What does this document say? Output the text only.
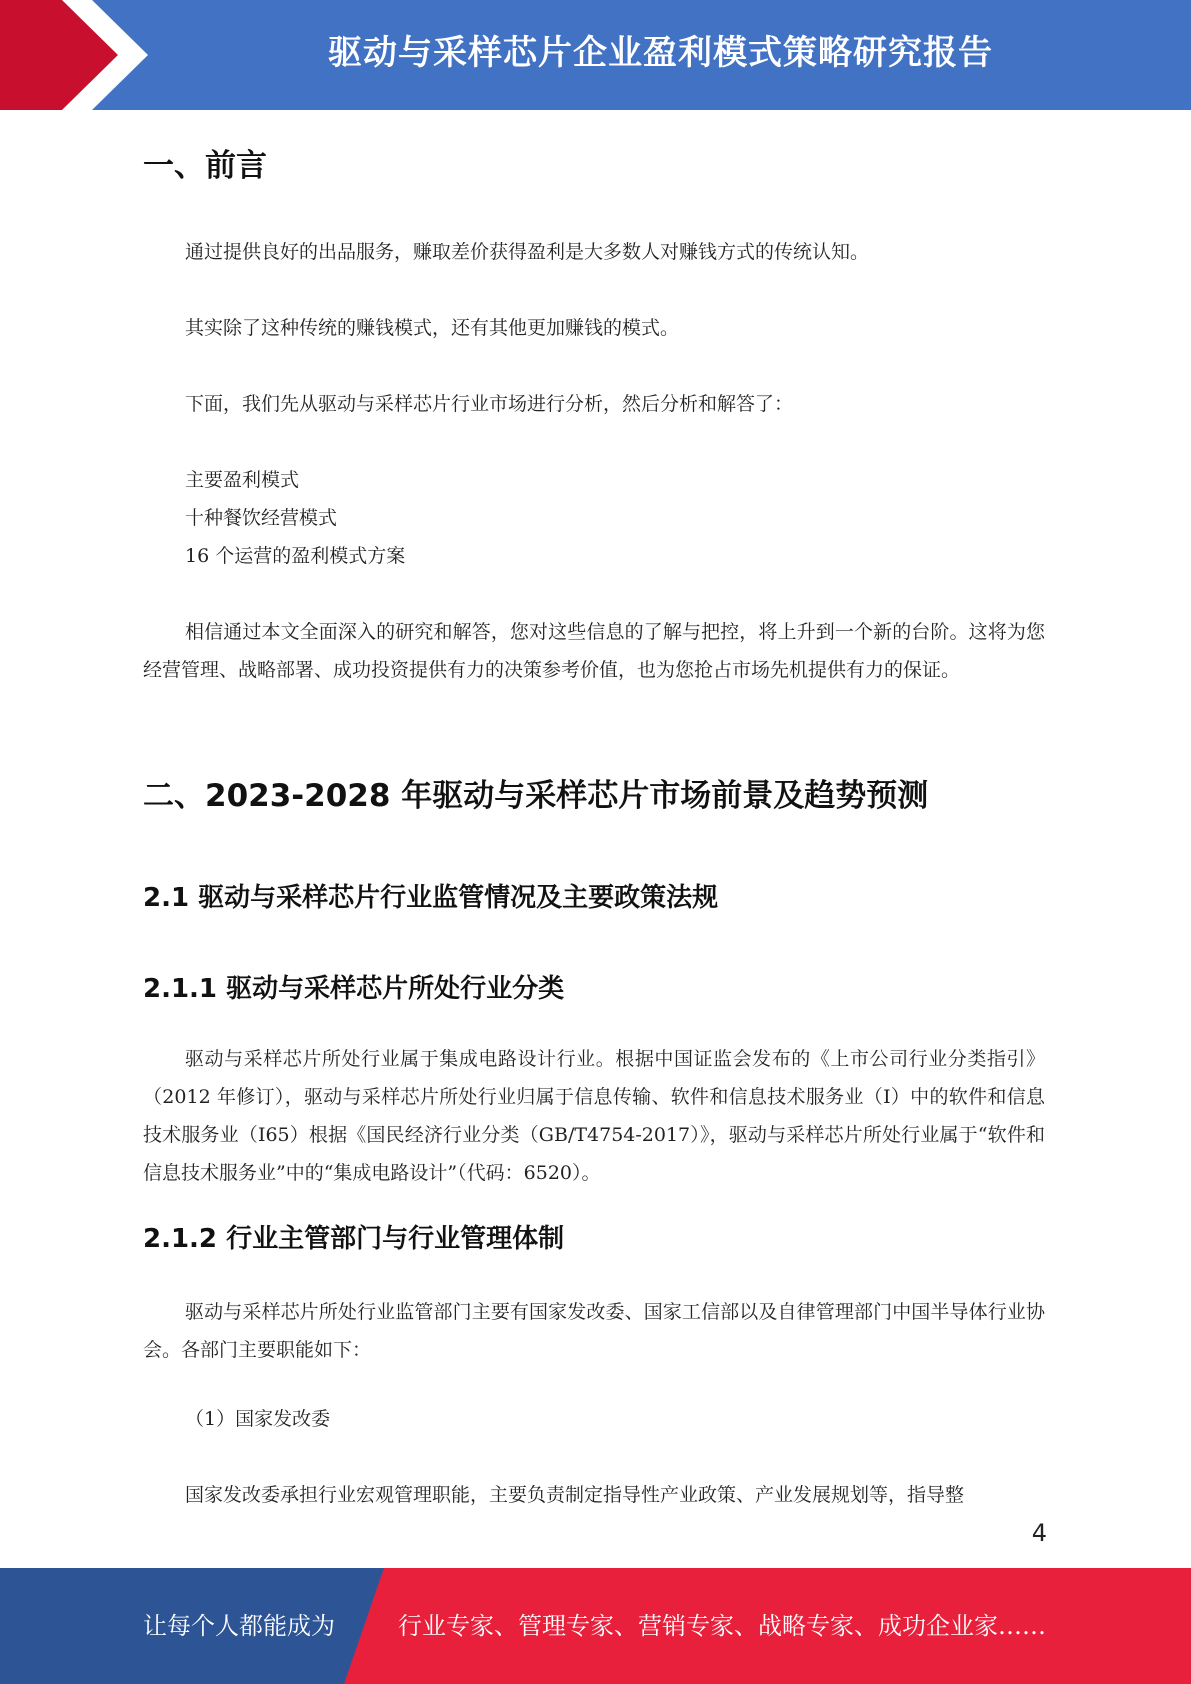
驱动与采样芯片企业盈利模式策略研究报告
一、前言
通过提供良好的出品服务，赚取差价获得盈利是大多数人对赚钱方式的传统认知。
其实除了这种传统的赚钱模式，还有其他更加赚钱的模式。
下面，我们先从驱动与采样芯片行业市场进行分析，然后分析和解答了：
主要盈利模式
十种餐饮经营模式
16 个运营的盈利模式方案
相信通过本文全面深入的研究和解答，您对这些信息的了解与把控，将上升到一个新的台阶。这将为您经营管理、战略部署、成功投资提供有力的决策参考价值，也为您抢占市场先机提供有力的保证。
二、2023-2028 年驱动与采样芯片市场前景及趋势预测
2.1 驱动与采样芯片行业监管情况及主要政策法规
2.1.1 驱动与采样芯片所处行业分类
驱动与采样芯片所处行业属于集成电路设计行业。根据中国证监会发布的《上市公司行业分类指引》（2012 年修订），驱动与采样芯片所处行业归属于信息传输、软件和信息技术服务业（I）中的软件和信息技术服务业（I65）根据《国民经济行业分类（GB/T4754-2017）》，驱动与采样芯片所处行业属于“软件和信息技术服务业”中的“集成电路设计”（代码：6520）。
2.1.2 行业主管部门与行业管理体制
驱动与采样芯片所处行业监管部门主要有国家发改委、国家工信部以及自律管理部门中国半导体行业协会。各部门主要职能如下：
（1）国家发改委
国家发改委承担行业宏观管理职能，主要负责制定指导性产业政策、产业发展规划等，指导整
4
让每个人都能成为	行业专家、管理专家、营销专家、战略专家、成功企业家……
